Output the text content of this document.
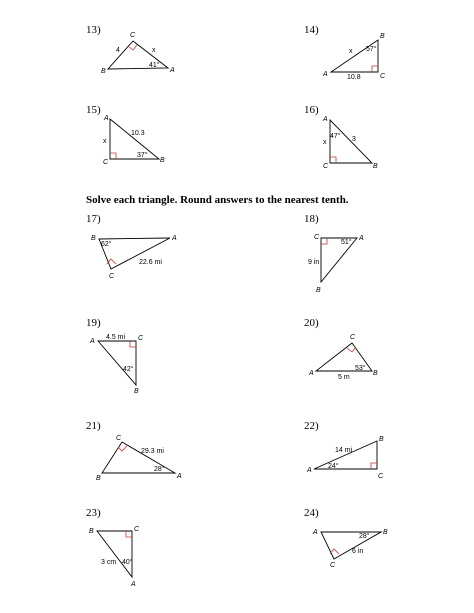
13)	14)
15)	16)
Solve each triangle. Round answers to the nearest tenth.
17)	18)
19)	20)
21)	22)
23)	24)
C
B	A
4	x
41°
B
A	C
x 57°
10.8
A
C	B
x
10.3
37°
A
C	B
x
47° 3
B	A
C
62°
22.6 mi
C	A
B
51°
9 in
A	C
B
4.5 mi
42°
C
A	B
53°
5 m
C
B	A
29.3 mi
28°
B
A
C
14 mi
24°
B	C
A
3 cm 40°
A	B
C
28°
6 in
